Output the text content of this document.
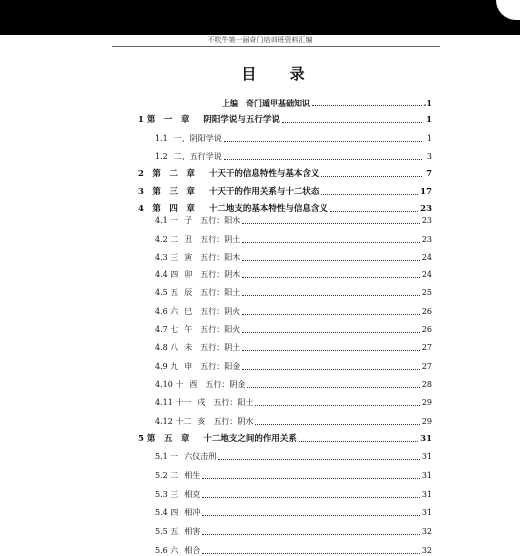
不吹牛第一届奇门培训班资料汇编
目 录
上编　奇门遁甲基础知识	.1
1 第　一　章 阴阳学说与五行学说	1
1.1 一、阴阳学说	1
1.2 二、五行学说	3
2　第　二　章 十天干的信息特性与基本含义	7
3　第　三　章 十天干的作用关系与十二状态	17
4　第　四　章 十二地支的基本特性与信息含义	23
4.1 一 子　五行：阳水	23
4.2 二 丑　五行：阴土	23
4.3 三 寅　五行：阳木	24
4.4 四 卯　五行：阴木	24
4.5 五 辰　五行：阳土	25
4.6 六 巳　五行：阴火	26
4.7 七 午　五行：阳火	26
4.8 八 未　五行：阴土	27
4.9 九 申　五行：阳金	27
4.10 十 酉　五行：阴金	28
4.11 十一 戌　五行：阳土	29
4.12 十二 亥　五行：阴水	29
5 第　五　章 十二地支之间的作用关系	31
5.1 一 六仪击刑	31
5.2 二 相生	31
5.3 三 相克	31
5.4 四 相冲	31
5.5 五 相害	32
5.6 六 相合	32
